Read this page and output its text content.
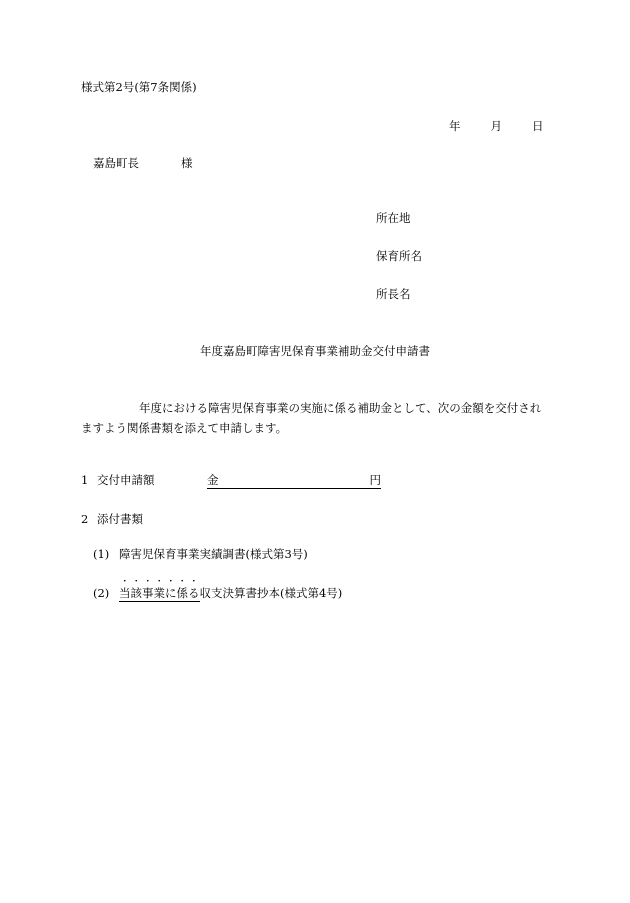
様式第2号(第7条関係)
年	月	日
嘉島町長	様
所在地
保育所名
所長名
年度嘉島町障害児保育事業補助金交付申請書
年度における障害児保育事業の実施に係る補助金として、次の金額を交付されますよう関係書類を添えて申請します。
1 交付申請額	金	円
2 添付書類
(1) 障害児保育事業実績調書(様式第3号)
(2)
・ ・ ・ ・ ・ ・ ・
当該事業に係る収支決算書抄本(様式第4号)
